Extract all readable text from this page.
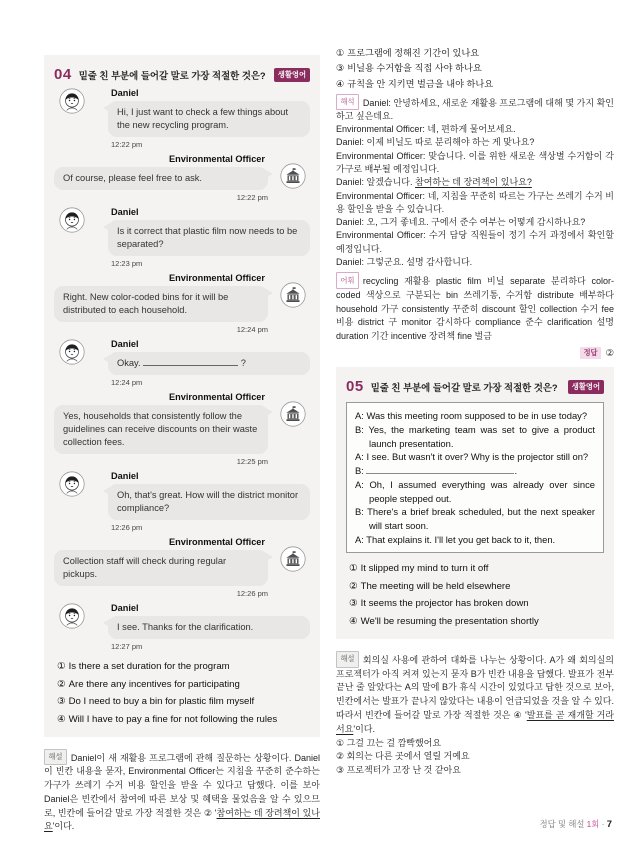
04 밑줄 친 부분에 들어갈 말로 가장 적절한 것은?	생활영어
Daniel
Hi, I just want to check a few things about the new recycling program.
12:22 pm
Environmental Officer
Of course, please feel free to ask.
12:22 pm
Daniel
Is it correct that plastic film now needs to be separated?
12:23 pm
Environmental Officer
Right. New color-coded bins for it will be distributed to each household.
12:24 pm
Daniel
Okay.	?
12:24 pm
Environmental Officer
Yes, households that consistently follow the guidelines can receive discounts on their waste collection fees.
12:25 pm
Daniel
Oh, that's great. How will the district monitor compliance?
12:26 pm
Environmental Officer
Collection staff will check during regular pickups.
12:26 pm
Daniel
I see. Thanks for the clarification.
12:27 pm
① Is there a set duration for the program
② Are there any incentives for participating
③ Do I need to buy a bin for plastic film myself
④ Will I have to pay a fine for not following the rules
해설 Daniel이 새 재활용 프로그램에 관해 질문하는 상황이다. Daniel이 빈칸 내용을 묻자, Environmental Officer는 지침을 꾸준히 준수하는 가구가 쓰레기 수거 비용 할인을 받을 수 있다고 답했다. 이를 보아 Daniel은 빈칸에서 참여에 따른 보상 및 혜택을 물었음을 알 수 있으므로, 빈칸에 들어갈 말로 가장 적절한 것은 ② '참여하는 데 장려책이 있나요'이다.
① 프로그램에 정해진 기간이 있나요
③ 비닐용 수거함을 직접 사야 하나요
④ 규칙을 안 지키면 벌금을 내야 하나요

해석 Daniel: 안녕하세요, 새로운 재활용 프로그램에 대해 몇 가지 확인하고 싶은데요.

Environmental Officer: 네, 편하게 물어보세요.

Daniel: 이제 비닐도 따로 분리해야 하는 게 맞나요?

Environmental Officer: 맞습니다. 이를 위한 새로운 색상별 수거함이 각 가구로 배부될 예정입니다.

Daniel: 알겠습니다. 참여하는 데 장려책이 있나요?

Environmental Officer: 네, 지침을 꾸준히 따르는 가구는 쓰레기 수거 비용 할인을 받을 수 있습니다.

Daniel: 오, 그거 좋네요. 구에서 준수 여부는 어떻게 감시하나요?

Environmental Officer: 수거 담당 직원들이 정기 수거 과정에서 확인할 예정입니다.

Daniel: 그렇군요. 설명 감사합니다.

어휘 recycling 재활용 plastic film 비닐 separate 분리하다 color-coded 색상으로 구분되는 bin 쓰레기통, 수거함 distribute 배부하다 household 가구 consistently 꾸준히 discount 할인 collection 수거 fee 비용 district 구 monitor 감시하다 compliance 준수 clarification 설명 duration 기간 incentive 장려책 fine 벌금
정답 ②
05 밑줄 친 부분에 들어갈 말로 가장 적절한 것은?	생활영어

A: Was this meeting room supposed to be in use today?

B: Yes, the marketing team was set to give a product launch presentation.

A: I see. But wasn't it over? Why is the projector still on?

B:	.

A: Oh, I assumed everything was already over since people stepped out.

B: There's a brief break scheduled, but the next speaker will start soon.

A: That explains it. I'll let you get back to it, then.

① It slipped my mind to turn it off
② The meeting will be held elsewhere
③ It seems the projector has broken down
④ We'll be resuming the presentation shortly
해설 회의실 사용에 관하여 대화를 나누는 상황이다. A가 왜 회의실의 프로젝터가 아직 켜져 있는지 묻자 B가 빈칸 내용을 답했다. 발표가 전부 끝난 줄 알았다는 A의 말에 B가 휴식 시간이 있었다고 답한 것으로 보아, 빈칸에서는 발표가 끝나지 않았다는 내용이 언급되었을 것을 알 수 있다. 따라서 빈칸에 들어갈 말로 가장 적절한 것은 ④ '발표를 곧 재개할 거라서요'이다.
① 그걸 끄는 걸 깜빡했어요
② 회의는 다른 곳에서 열릴 거예요
③ 프로젝터가 고장 난 것 같아요
정답 및 해설 1회 · 7
